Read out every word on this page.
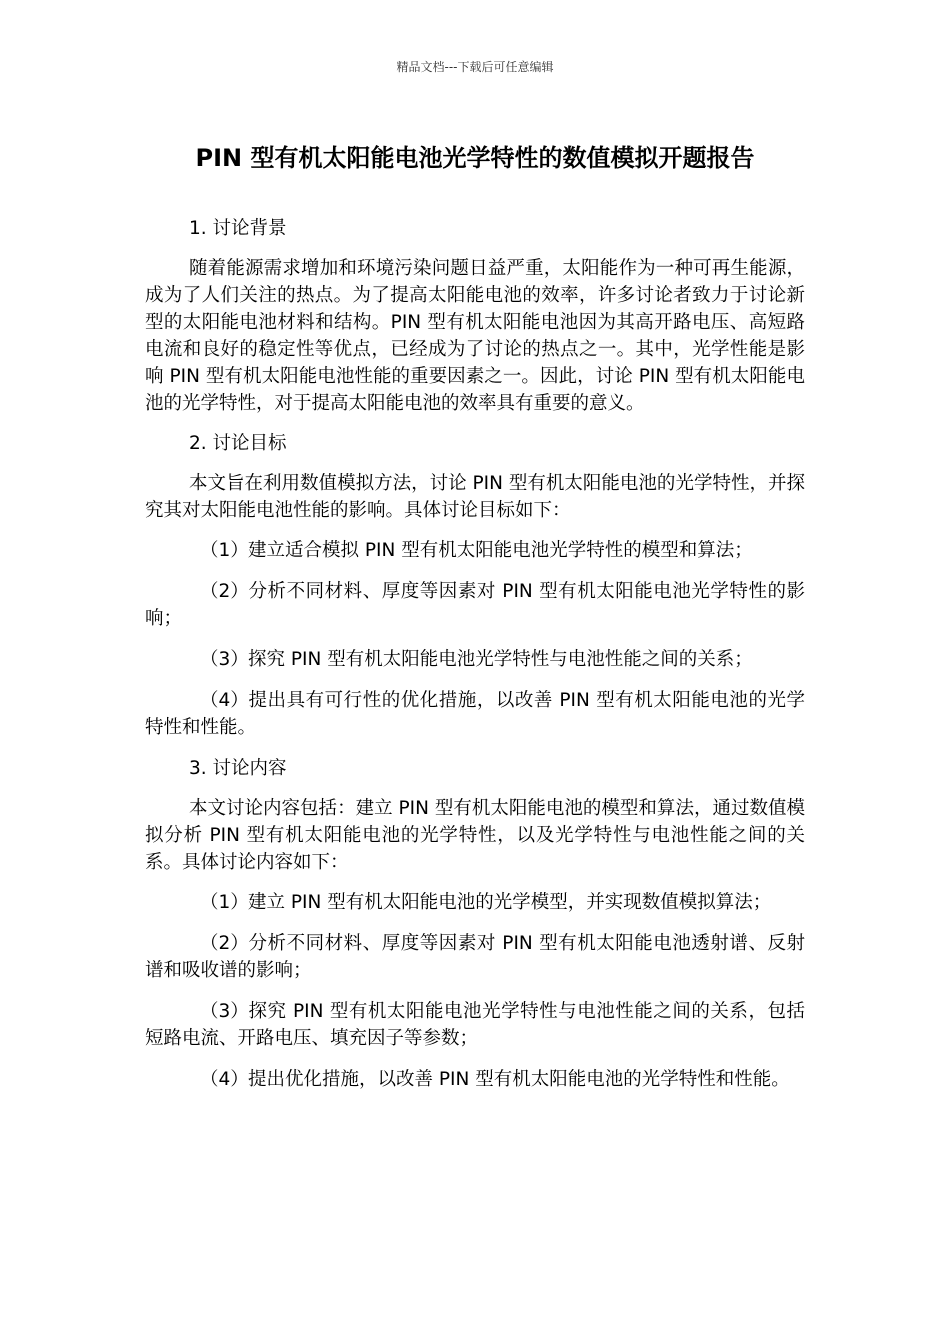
精品文档---下载后可任意编辑
PIN 型有机太阳能电池光学特性的数值模拟开题报告
1. 讨论背景
随着能源需求增加和环境污染问题日益严重，太阳能作为一种可再生能源，成为了人们关注的热点。为了提高太阳能电池的效率，许多讨论者致力于讨论新型的太阳能电池材料和结构。PIN 型有机太阳能电池因为其高开路电压、高短路电流和良好的稳定性等优点，已经成为了讨论的热点之一。其中，光学性能是影响 PIN 型有机太阳能电池性能的重要因素之一。因此，讨论 PIN 型有机太阳能电池的光学特性，对于提高太阳能电池的效率具有重要的意义。
2. 讨论目标
本文旨在利用数值模拟方法，讨论 PIN 型有机太阳能电池的光学特性，并探究其对太阳能电池性能的影响。具体讨论目标如下：
（1）建立适合模拟 PIN 型有机太阳能电池光学特性的模型和算法；
（2）分析不同材料、厚度等因素对 PIN 型有机太阳能电池光学特性的影响；
（3）探究 PIN 型有机太阳能电池光学特性与电池性能之间的关系；
（4）提出具有可行性的优化措施，以改善 PIN 型有机太阳能电池的光学特性和性能。
3. 讨论内容
本文讨论内容包括：建立 PIN 型有机太阳能电池的模型和算法，通过数值模拟分析 PIN 型有机太阳能电池的光学特性，以及光学特性与电池性能之间的关系。具体讨论内容如下：
（1）建立 PIN 型有机太阳能电池的光学模型，并实现数值模拟算法；
（2）分析不同材料、厚度等因素对 PIN 型有机太阳能电池透射谱、反射谱和吸收谱的影响；
（3）探究 PIN 型有机太阳能电池光学特性与电池性能之间的关系，包括短路电流、开路电压、填充因子等参数；
（4）提出优化措施，以改善 PIN 型有机太阳能电池的光学特性和性能。
